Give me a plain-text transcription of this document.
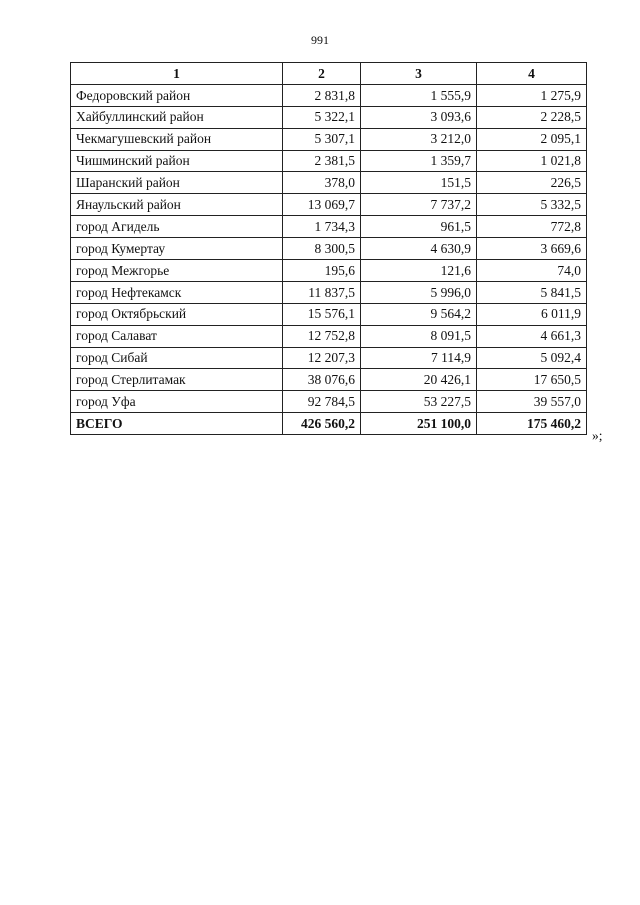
991
1	2	3	4
Федоровский район	2 831,8	1 555,9	1 275,9
Хайбуллинский район	5 322,1	3 093,6	2 228,5
Чекмагушевский район	5 307,1	3 212,0	2 095,1
Чишминский район	2 381,5	1 359,7	1 021,8
Шаранский район	378,0	151,5	226,5
Янаульский район	13 069,7	7 737,2	5 332,5
город Агидель	1 734,3	961,5	772,8
город Кумертау	8 300,5	4 630,9	3 669,6
город Межгорье	195,6	121,6	74,0
город Нефтекамск	11 837,5	5 996,0	5 841,5
город Октябрьский	15 576,1	9 564,2	6 011,9
город Салават	12 752,8	8 091,5	4 661,3
город Сибай	12 207,3	7 114,9	5 092,4
город Стерлитамак	38 076,6	20 426,1	17 650,5
город Уфа	92 784,5	53 227,5	39 557,0
ВСЕГО	426 560,2	251 100,0	175 460,2
»;
